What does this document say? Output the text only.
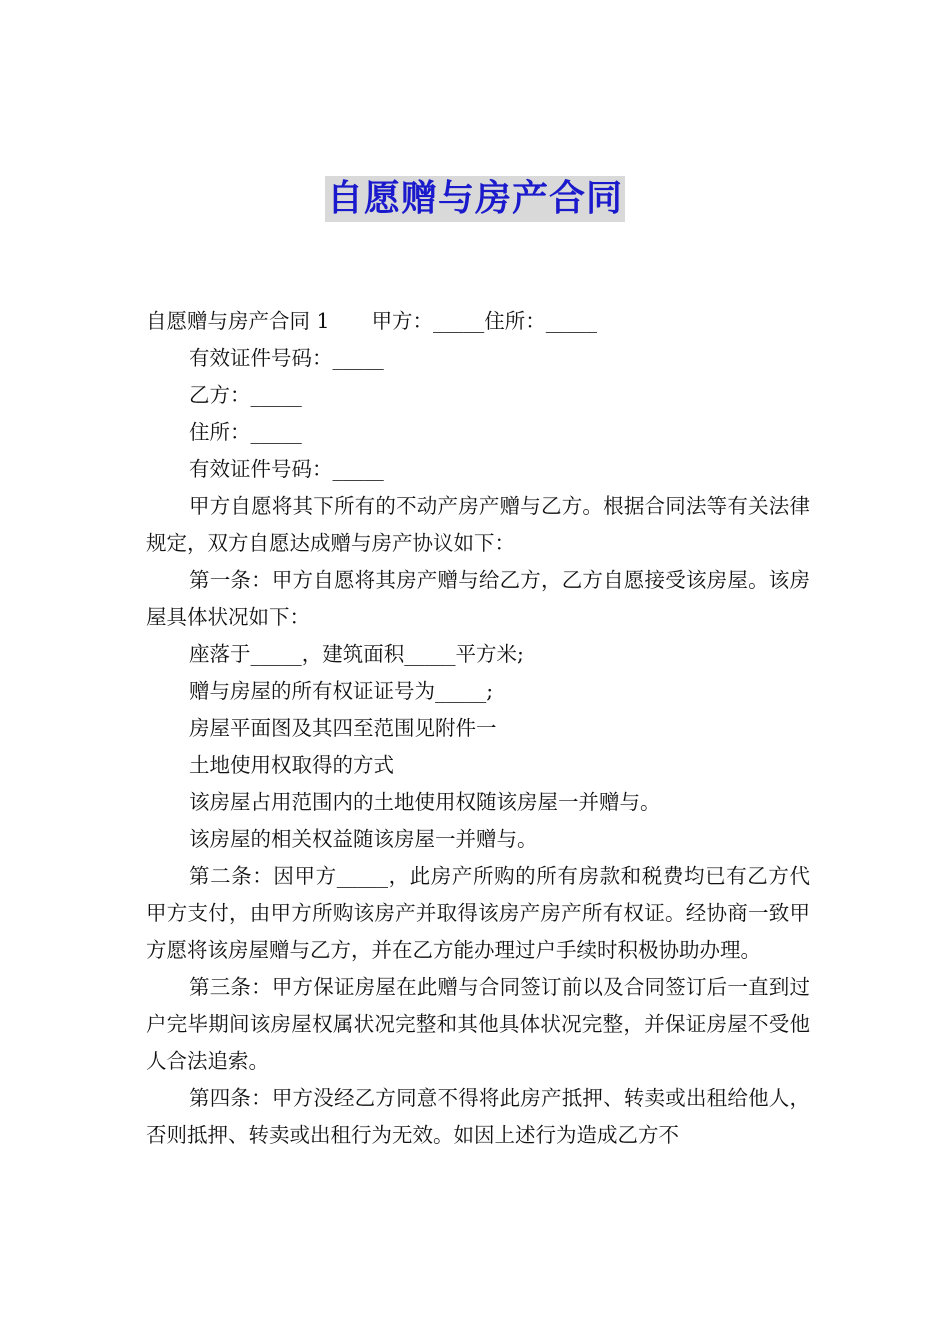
自愿赠与房产合同

自愿赠与房产合同 1 甲方：_____住所：_____

有效证件号码：_____

乙方：_____

住所：_____

有效证件号码：_____

甲方自愿将其下所有的不动产房产赠与乙方。根据合同法等有关法律规定，双方自愿达成赠与房产协议如下：

第一条：甲方自愿将其房产赠与给乙方，乙方自愿接受该房屋。该房屋具体状况如下：

座落于_____，建筑面积_____平方米;

赠与房屋的所有权证证号为_____;

房屋平面图及其四至范围见附件一

土地使用权取得的方式

该房屋占用范围内的土地使用权随该房屋一并赠与。

该房屋的相关权益随该房屋一并赠与。

第二条：因甲方_____，此房产所购的所有房款和税费均已有乙方代甲方支付，由甲方所购该房产并取得该房产房产所有权证。经协商一致甲方愿将该房屋赠与乙方，并在乙方能办理过户手续时积极协助办理。

第三条：甲方保证房屋在此赠与合同签订前以及合同签订后一直到过户完毕期间该房屋权属状况完整和其他具体状况完整，并保证房屋不受他人合法追索。

第四条：甲方没经乙方同意不得将此房产抵押、转卖或出租给他人，否则抵押、转卖或出租行为无效。如因上述行为造成乙方不
